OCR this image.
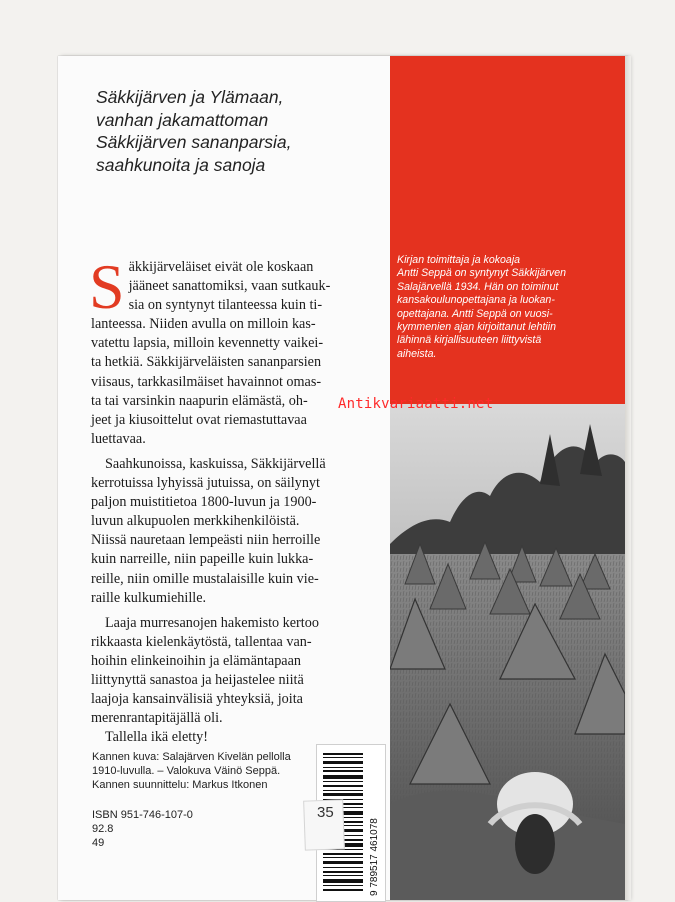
Säkkijärven ja Ylämaan,
vanhan jakamattoman
Säkkijärven sananparsia,
saahkunoita ja sanoja

S äkkijärveläiset eivät ole koskaan
jääneet sanattomiksi, vaan sutkauk-
sia on syntynyt tilanteessa kuin ti-
lanteessa. Niiden avulla on milloin kas-
vatettu lapsia, milloin kevennetty vaikei-
ta hetkiä. Säkkijärveläisten sananparsien
viisaus, tarkkasilmäiset havainnot omas-
ta tai varsinkin naapurin elämästä, oh-
jeet ja kiusoittelut ovat riemastuttavaa
luettavaa.

Saahkunoissa, kaskuissa, Säkkijärvellä
kerrotuissa lyhyissä jutuissa, on säilynyt
paljon muistitietoa 1800-luvun ja 1900-
luvun alkupuolen merkkihenkilöistä.
Niissä nauretaan lempeästi niin herroille
kuin narreille, niin papeille kuin lukka-
reille, niin omille mustalaisille kuin vie-
raille kulkumiehille.

Laaja murresanojen hakemisto kertoo
rikkaasta kielenkäytöstä, tallentaa van-
hoihin elinkeinoihin ja elämäntapaan
liittynyttä sanastoa ja heijastelee niitä
laajoja kansainvälisiä yhteyksiä, joita
merenrantapitäjällä oli.

Tallella ikä eletty!

Kannen kuva: Salajärven Kivelän pellolla
1910-luvulla. – Valokuva Väinö Seppä.
Kannen suunnittelu: Markus Itkonen
ISBN 951-746-107-0
92.8
49
Kirjan toimittaja ja kokoaja
Antti Seppä on syntynyt Säkkijärven
Salajärvellä 1934. Hän on toiminut
kansakoulunopettajana ja luokan-
opettajana. Antti Seppä on vuosi-
kymmenien ajan kirjoittanut lehtiin
lähinnä kirjallisuuteen liittyvistä
aiheista.
9 789517 461078
35
Antikvariaatti.net
